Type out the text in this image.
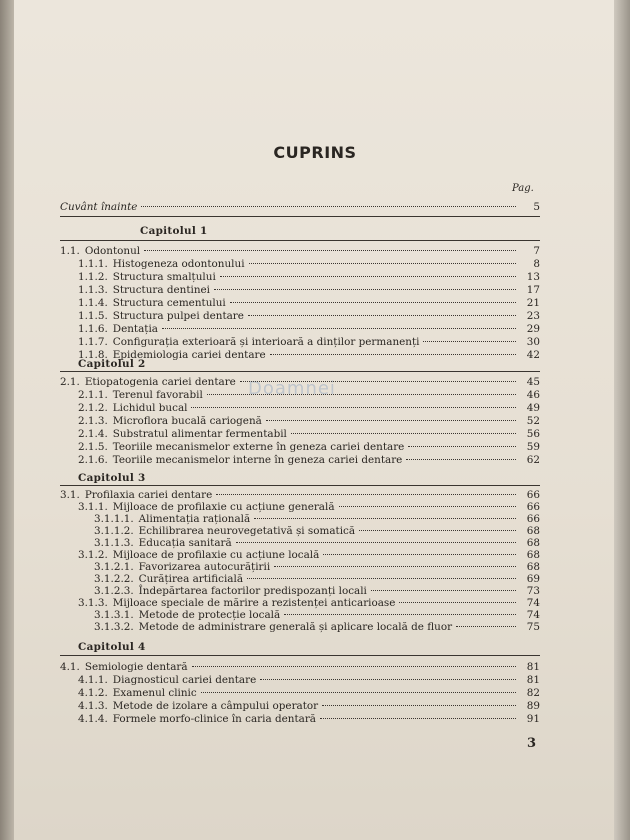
CUPRINS
Pag.
Cuvânt înainte	5
Capitolul 1
1.1. Odontonul	7
1.1.1. Histogeneza odontonului	8
1.1.2. Structura smalțului	13
1.1.3. Structura dentinei	17
1.1.4. Structura cementului	21
1.1.5. Structura pulpei dentare	23
1.1.6. Dentația	29
1.1.7. Configurația exterioară și interioară a dinților permanenți	30
1.1.8. Epidemiologia cariei dentare	42
Capitolul 2
Doamnei
2.1. Etiopatogenia cariei dentare	45
2.1.1. Terenul favorabil	46
2.1.2. Lichidul bucal	49
2.1.3. Microflora bucală cariogenă	52
2.1.4. Substratul alimentar fermentabil	56
2.1.5. Teoriile mecanismelor externe în geneza cariei dentare	59
2.1.6. Teoriile mecanismelor interne în geneza cariei dentare	62
Capitolul 3
3.1. Profilaxia cariei dentare	66
3.1.1. Mijloace de profilaxie cu acțiune generală	66
3.1.1.1. Alimentația rațională	66
3.1.1.2. Echilibrarea neurovegetativă și somatică	68
3.1.1.3. Educația sanitară	68
3.1.2. Mijloace de profilaxie cu acțiune locală	68
3.1.2.1. Favorizarea autocurățirii	68
3.1.2.2. Curățirea artificială	69
3.1.2.3. Îndepărtarea factorilor predispozanți locali	73
3.1.3. Mijloace speciale de mărire a rezistenței anticarioase	74
3.1.3.1. Metode de protecție locală	74
3.1.3.2. Metode de administrare generală și aplicare locală de fluor	75
Capitolul 4
4.1. Semiologie dentară	81
4.1.1. Diagnosticul cariei dentare	81
4.1.2. Examenul clinic	82
4.1.3. Metode de izolare a câmpului operator	89
4.1.4. Formele morfo-clinice în caria dentară	91
3
